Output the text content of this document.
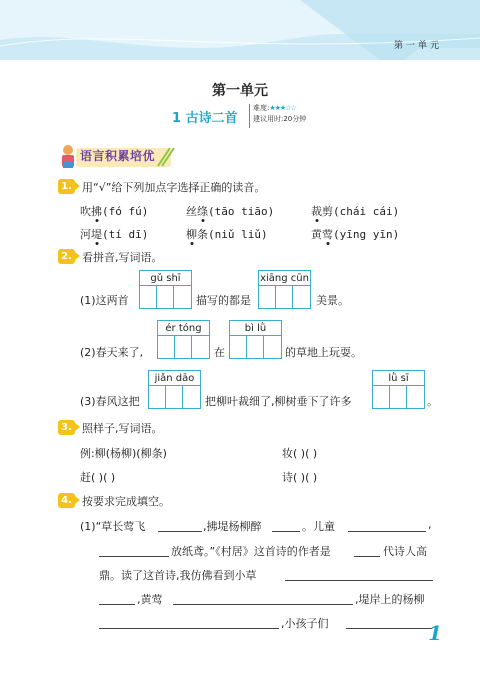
第一单元
第一单元
1 古诗二首
难度:★★★☆☆
建议用时:20分钟
语言积累培优
1. 用“√”给下列加点字选择正确的读音。
吹拂(fó fú)	丝绦(tāo tiāo)	裁剪(chái cái)
河堤(tí dī)	柳条(niǔ liǔ)	黄莺(yīng yīn)
2. 看拼音,写词语。
(1)这两首
gǔ shī
描写的都是
xiāng cūn
美景。
(2)春天来了,
ér tóng
在
bì lǜ
的草地上玩耍。
(3)春风这把
jiǎn dāo
把柳叶裁细了,柳树垂下了许多
lǜ sī
。
3. 照样子,写词语。
例:柳(杨柳)(柳条)	妆( )( )
赶( )( )	诗( )( )
4. 按要求完成填空。
(1)“草长莺飞	,拂堤杨柳醉	。儿童	,
放纸鸢。”《村居》这首诗的作者是	代诗人高
鼎。读了这首诗,我仿佛看到小草
,黄莺	,堤岸上的杨柳
,小孩子们	1
